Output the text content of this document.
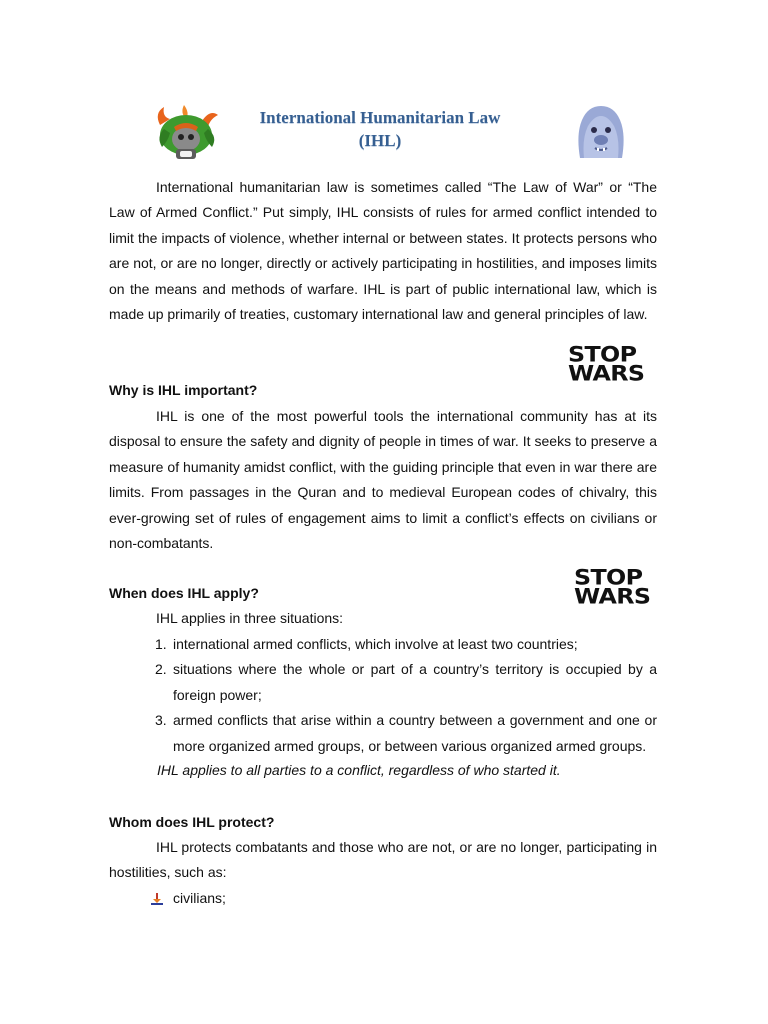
International Humanitarian Law
(IHL)

International humanitarian law is sometimes called “The Law of War” or “The Law of Armed Conflict.” Put simply, IHL consists of rules for armed conflict intended to limit the impacts of violence, whether internal or between states. It protects persons who are not, or are no longer, directly or actively participating in hostilities, and imposes limits on the means and methods of warfare. IHL is part of public international law, which is made up primarily of treaties, customary international law and general principles of law.

STOP
WARS
Why is IHL important?

IHL is one of the most powerful tools the international community has at its disposal to ensure the safety and dignity of people in times of war. It seeks to preserve a measure of humanity amidst conflict, with the guiding principle that even in war there are limits. From passages in the Quran and to medieval European codes of chivalry, this ever-growing set of rules of engagement aims to limit a conflict’s effects on civilians or non-combatants.

STOP
WARS
When does IHL apply?
IHL applies in three situations:
1. international armed conflicts, which involve at least two countries;
2. situations where the whole or part of a country’s territory is occupied by a foreign power;
3. armed conflicts that arise within a country between a government and one or more organized armed groups, or between various organized armed groups.
IHL applies to all parties to a conflict, regardless of who started it.
Whom does IHL protect?

IHL protects combatants and those who are not, or are no longer, participating in hostilities, such as:

civilians;
